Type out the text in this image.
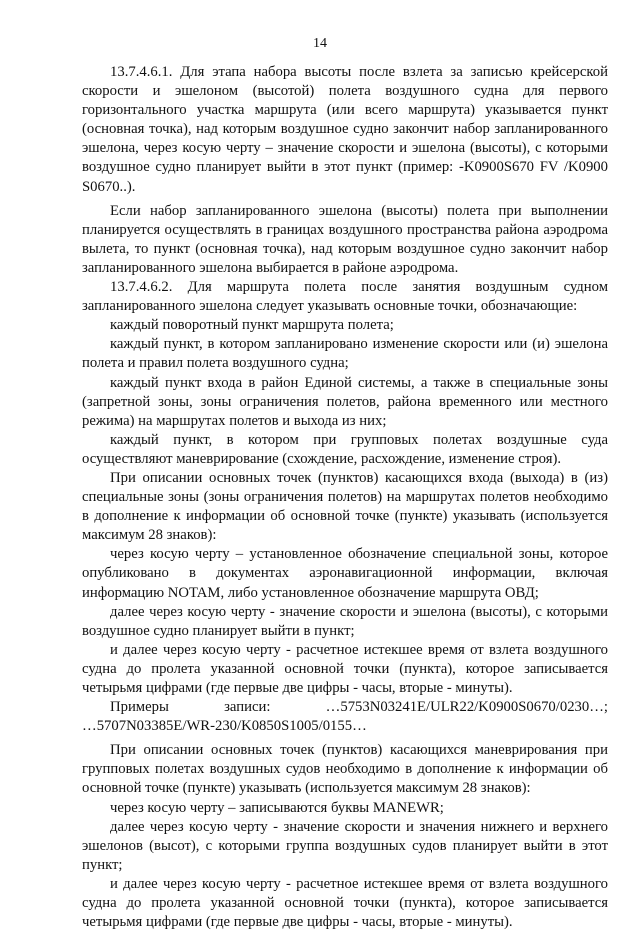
14

13.7.4.6.1. Для этапа набора высоты после взлета за записью крейсерской скорости и эшелоном (высотой) полета воздушного судна для первого горизонтального участка маршрута (или всего маршрута) указывается пункт (основная точка), над которым воздушное судно закончит набор запланированного эшелона, через косую черту – значение скорости и эшелона (высоты), с которыми воздушное судно планирует выйти в этот пункт (пример: -K0900S670 FV /K0900 S0670..).

Если набор запланированного эшелона (высоты) полета при выполнении планируется осуществлять в границах воздушного пространства района аэродрома вылета, то пункт (основная точка), над которым воздушное судно закончит набор запланированного эшелона выбирается в районе аэродрома.

13.7.4.6.2. Для маршрута полета после занятия воздушным судном запланированного эшелона следует указывать основные точки, обозначающие:

каждый поворотный пункт маршрута полета;

каждый пункт, в котором запланировано изменение скорости или (и) эшелона полета и правил полета воздушного судна;

каждый пункт входа в район Единой системы, а также в специальные зоны (запретной зоны, зоны ограничения полетов, района временного или местного режима) на маршрутах полетов и выхода из них;

каждый пункт, в котором при групповых полетах воздушные суда осуществляют маневрирование (схождение, расхождение, изменение строя).

При описании основных точек (пунктов) касающихся входа (выхода) в (из) специальные зоны (зоны ограничения полетов) на маршрутах полетов необходимо в дополнение к информации об основной точке (пункте) указывать (используется максимум 28 знаков):

через косую черту – установленное обозначение специальной зоны, которое опубликовано в документах аэронавигационной информации, включая информацию NOTAM, либо установленное обозначение маршрута ОВД;

далее через косую черту - значение скорости и эшелона (высоты), с которыми воздушное судно планирует выйти в пункт;

и далее через косую черту - расчетное истекшее время от взлета воздушного судна до пролета указанной основной точки (пункта), которое записывается четырьмя цифрами (где первые две цифры - часы, вторые - минуты).

Примеры	записи:	…5753N03241E/ULR22/K0900S0670/0230…;
…5707N03385E/WR-230/K0850S1005/0155…

При описании основных точек (пунктов) касающихся маневрирования при групповых полетах воздушных судов необходимо в дополнение к информации об основной точке (пункте) указывать (используется максимум 28 знаков):

через косую черту – записываются буквы MANEWR;

далее через косую черту - значение скорости и значения нижнего и верхнего эшелонов (высот), с которыми группа воздушных судов планирует выйти в этот пункт;

и далее через косую черту - расчетное истекшее время от взлета воздушного судна до пролета указанной основной точки (пункта), которое записывается четырьмя цифрами (где первые две цифры - часы, вторые - минуты).
